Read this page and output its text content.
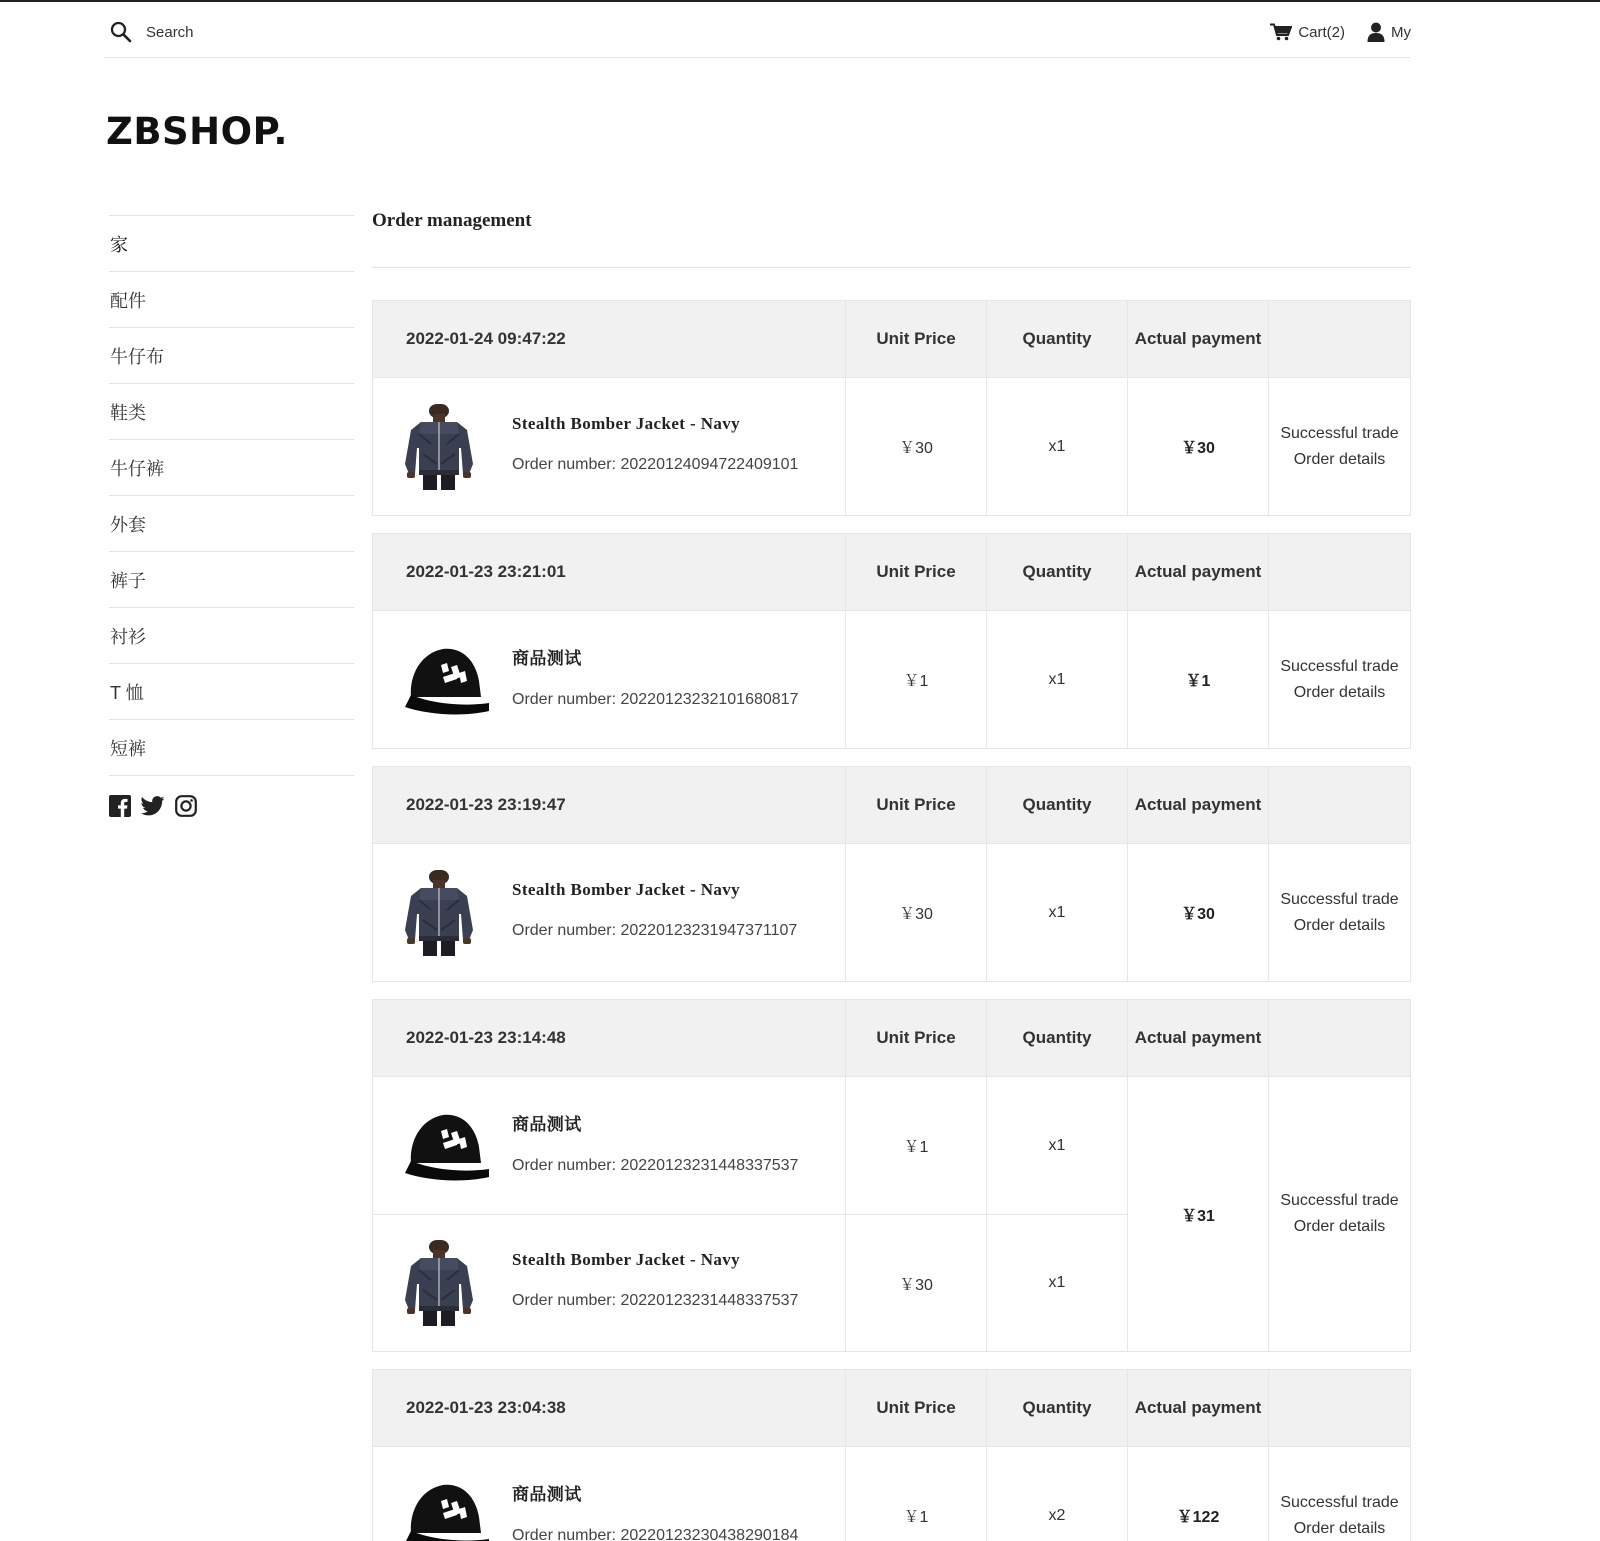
Search	Cart(2)	My
ZBSHOP.
家
配件
牛仔布
鞋类
牛仔裤
外套
裤子
衬衫
T 恤
短裤
Order management
2022-01-24 09:47:22	Unit Price	Quantity	Actual payment
Stealth Bomber Jacket - Navy
Order number: 20220124094722409101
￥30	x1	￥30
Successful trade
Order details
2022-01-23 23:21:01	Unit Price	Quantity	Actual payment
商品测试
Order number: 20220123232101680817
￥1	x1	￥1
Successful trade
Order details
2022-01-23 23:19:47	Unit Price	Quantity	Actual payment
Stealth Bomber Jacket - Navy
Order number: 20220123231947371107
￥30	x1	￥30
Successful trade
Order details
2022-01-23 23:14:48	Unit Price	Quantity	Actual payment
商品测试
Order number: 20220123231448337537
￥1	x1
Stealth Bomber Jacket - Navy
Order number: 20220123231448337537
￥30	x1
￥31
Successful trade
Order details
2022-01-23 23:04:38	Unit Price	Quantity	Actual payment
商品测试
Order number: 20220123230438290184
￥1	x2	￥122
Successful trade
Order details
